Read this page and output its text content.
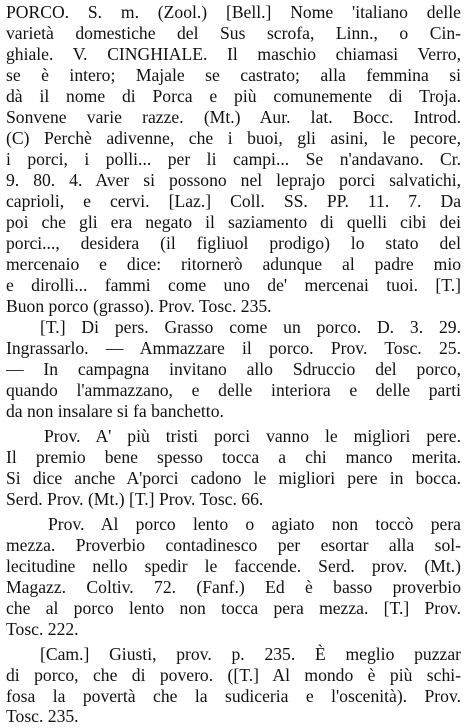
PORCO. S. m. (Zool.) [Bell.] Nome 'italiano delle
varietà domestiche del Sus scrofa, Linn., o Cin-
ghiale. V. CINGHIALE. Il maschio chiamasi Verro,
se è intero; Majale se castrato; alla femmina si
dà il nome di Porca e più comunemente di Troja.
Sonvene varie razze. (Mt.) Aur. lat. Bocc. Introd.
(C) Perchè adivenne, che i buoi, gli asini, le pecore,
i porci, i polli... per li campi... Se n'andavano. Cr.
9. 80. 4. Aver si possono nel leprajo porci salvatichi,
caprioli, e cervi. [Laz.] Coll. SS. PP. 11. 7. Da
poi che gli era negato il saziamento di quelli cibi dei
porci..., desidera (il figliuol prodigo) lo stato del
mercenaio e dice: ritornerò adunque al padre mio
e dirolli... fammi come uno de' mercenai tuoi. [T.]
Buon porco (grasso). Prov. Tosc. 235.
[T.] Di pers. Grasso come un porco. D. 3. 29.
Ingrassarlo. — Ammazzare il porco. Prov. Tosc. 25.
— In campagna invitano allo Sdruccio del porco,
quando l'ammazzano, e delle interiora e delle parti
da non insalare si fa banchetto.
Prov. A' più tristi porci vanno le migliori pere.
Il premio bene spesso tocca a chi manco merita.
Si dice anche A'porci cadono le migliori pere in bocca.
Serd. Prov. (Mt.) [T.] Prov. Tosc. 66.
Prov. Al porco lento o agiato non toccò pera
mezza. Proverbio contadinesco per esortar alla sol-
lecitudine nello spedir le faccende. Serd. prov. (Mt.)
Magazz. Coltiv. 72. (Fanf.) Ed è basso proverbio
che al porco lento non tocca pera mezza. [T.] Prov.
Tosc. 222.
[Cam.] Giusti, prov. p. 235. È meglio puzzar
di porco, che di povero. ([T.] Al mondo è più schi-
fosa la povertà che la sudiceria e l'oscenità). Prov.
Tosc. 235.
